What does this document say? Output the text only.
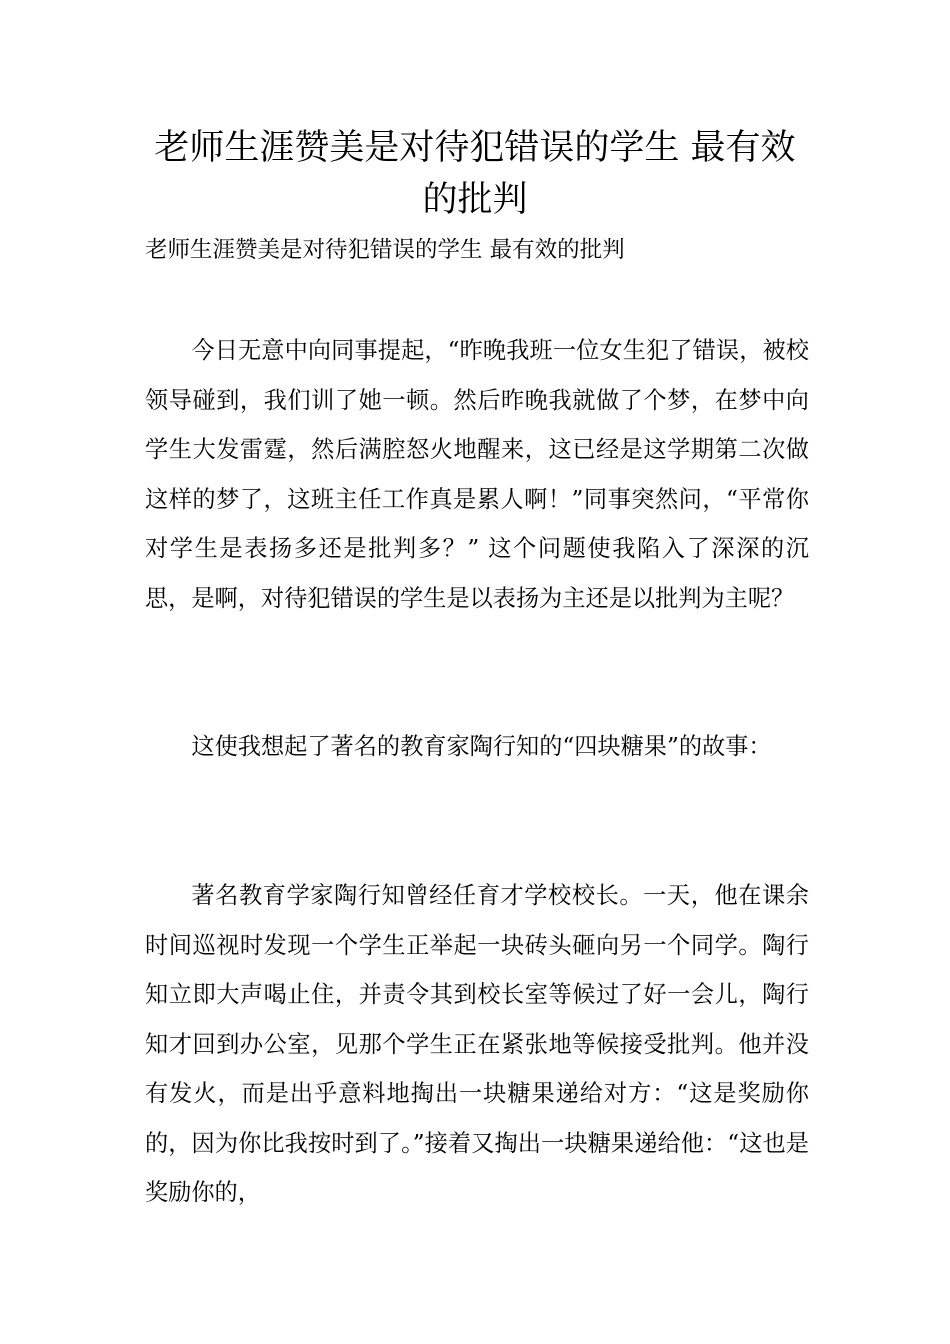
老师生涯赞美是对待犯错误的学生 最有效的批判

老师生涯赞美是对待犯错误的学生 最有效的批判

今日无意中向同事提起，“昨晚我班一位女生犯了错误，被校领导碰到，我们训了她一顿。然后昨晚我就做了个梦，在梦中向学生大发雷霆，然后满腔怒火地醒来，这已经是这学期第二次做这样的梦了，这班主任工作真是累人啊！”同事突然问，“平常你对学生是表扬多还是批判多？” 这个问题使我陷入了深深的沉思，是啊，对待犯错误的学生是以表扬为主还是以批判为主呢？

这使我想起了著名的教育家陶行知的“四块糖果”的故事：

著名教育学家陶行知曾经任育才学校校长。一天，他在课余时间巡视时发现一个学生正举起一块砖头砸向另一个同学。陶行知立即大声喝止住，并责令其到校长室等候过了好一会儿，陶行知才回到办公室，见那个学生正在紧张地等候接受批判。他并没有发火，而是出乎意料地掏出一块糖果递给对方：“这是奖励你的，因为你比我按时到了。”接着又掏出一块糖果递给他：“这也是奖励你的，
